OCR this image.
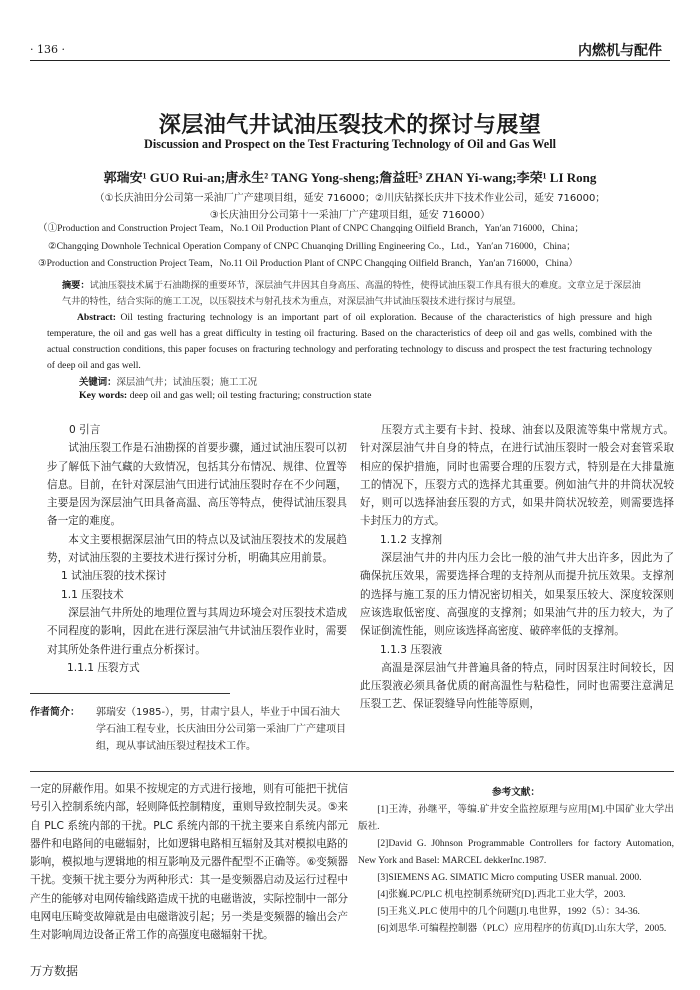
· 136 ·	内燃机与配件
深层油气井试油压裂技术的探讨与展望
Discussion and Prospect on the Test Fracturing Technology of Oil and Gas Well
郭瑞安¹ GUO Rui-an;唐永生² TANG Yong-sheng;詹益旺³ ZHAN Yi-wang;李荣¹ LI Rong
（①长庆油田分公司第一采油厂广产建项目组，延安 716000；②川庆钻探长庆井下技术作业公司，延安 716000；
③长庆油田分公司第十一采油厂广产建项目组，延安 716000）
（①Production and Construction Project Team，No.1 Oil Production Plant of CNPC Changqing Oilfield Branch，Yan′an 716000，China；
②Changqing Downhole Technical Operation Company of CNPC Chuanqing Drilling Engineering Co.，Ltd.，Yan′an 716000，China；
③Production and Construction Project Team，No.11 Oil Production Plant of CNPC Changqing Oilfield Branch，Yan′an 716000，China）
摘要：试油压裂技术属于石油勘探的重要环节，深层油气井因其自身高压、高温的特性，使得试油压裂工作具有很大的难度。文章立足于深层油气井的特性，结合实际的施工工况，以压裂技术与射孔技术为重点，对深层油气井试油压裂技术进行探讨与展望。
Abstract: Oil testing fracturing technology is an important part of oil exploration. Because of the characteristics of high pressure and high temperature, the oil and gas well has a great difficulty in testing oil fracturing. Based on the characteristics of deep oil and gas wells, combined with the actual construction conditions, this paper focuses on fracturing technology and perforating technology to discuss and prospect the test fracturing technology of deep oil and gas well.
关键词：深层油气井；试油压裂；施工工况
Key words: deep oil and gas well; oil testing fracturing; construction state

0 引言

试油压裂工作是石油勘探的首要步骤，通过试油压裂可以初步了解低下油气藏的大致情况，包括其分布情况、规律、位置等信息。目前，在针对深层油气田进行试油压裂时存在不少问题，主要是因为深层油气田具备高温、高压等特点，使得试油压裂具备一定的难度。

本文主要根据深层油气田的特点以及试油压裂技术的发展趋势，对试油压裂的主要技术进行探讨分析，明确其应用前景。

1 试油压裂的技术探讨

1.1 压裂技术

深层油气井所处的地理位置与其周边环境会对压裂技术造成不同程度的影响，因此在进行深层油气井试油压裂作业时，需要对其所处条件进行重点分析探讨。

1.1.1 压裂方式

作者简介：	郭瑞安（1985-），男，甘肃宁县人，毕业于中国石油大学石油工程专业，长庆油田分公司第一采油厂广产建项目组，现从事试油压裂过程技术工作。

压裂方式主要有卡封、投球、油套以及限流等集中常规方式。针对深层油气井自身的特点，在进行试油压裂时一般会对套管采取相应的保护措施，同时也需要合理的压裂方式，特别是在大排量施工的情况下，压裂方式的选择尤其重要。例如油气井的井筒状况较好，则可以选择油套压裂的方式，如果井筒状况较差，则需要选择卡封压力的方式。

1.1.2 支撑剂

深层油气井的井内压力会比一般的油气井大出许多，因此为了确保抗压效果，需要选择合理的支持剂从而提升抗压效果。支撑剂的选择与施工泵的压力情况密切相关，如果泵压较大、深度较深则应该选取低密度、高强度的支撑剂；如果油气井的压力较大，为了保证倒流性能，则应该选择高密度、破碎率低的支撑剂。

1.1.3 压裂液

高温是深层油气井普遍具备的特点，同时因泵注时间较长，因此压裂液必须具备优质的耐高温性与粘稳性，同时也需要注意满足压裂工艺、保证裂缝导向性能等原则，

一定的屏蔽作用。如果不按规定的方式进行接地，则有可能把干扰信号引入控制系统内部，轻则降低控制精度，重则导致控制失灵。⑤来自 PLC 系统内部的干扰。PLC 系统内部的干扰主要来自系统内部元器件和电路间的电磁辐射，比如逻辑电路相互辐射及其对模拟电路的影响，模拟地与逻辑地的相互影响及元器件配型不正确等。⑥变频器干扰。变频干扰主要分为两种形式：其一是变频器启动及运行过程中产生的能够对电网传输线路造成干扰的电磁谐波，实际控制中一部分电网电压畸变故障就是由电磁谐波引起；另一类是变频器的输出会产生对影响周边设备正常工作的高强度电磁辐射干扰。

参考文献：

[1]王涛，孙继平，等编.矿井安全监控原理与应用[M].中国矿业大学出版社.

[2]David G. J0hnson Programmable Controllers for factory Automation, New York and Basel: MARCEL dekkerInc.1987.

[3]SIEMENS AG. SIMATIC Micro computing USER manual. 2000.

[4]张巍.PC/PLC 机电控制系统研究[D].西北工业大学，2003.

[5]王兆义.PLC 使用中的几个问题[J].电世界，1992（5）：34-36.

[6]刘思华.可编程控制器（PLC）应用程序的仿真[D].山东大学，2005.

万方数据
